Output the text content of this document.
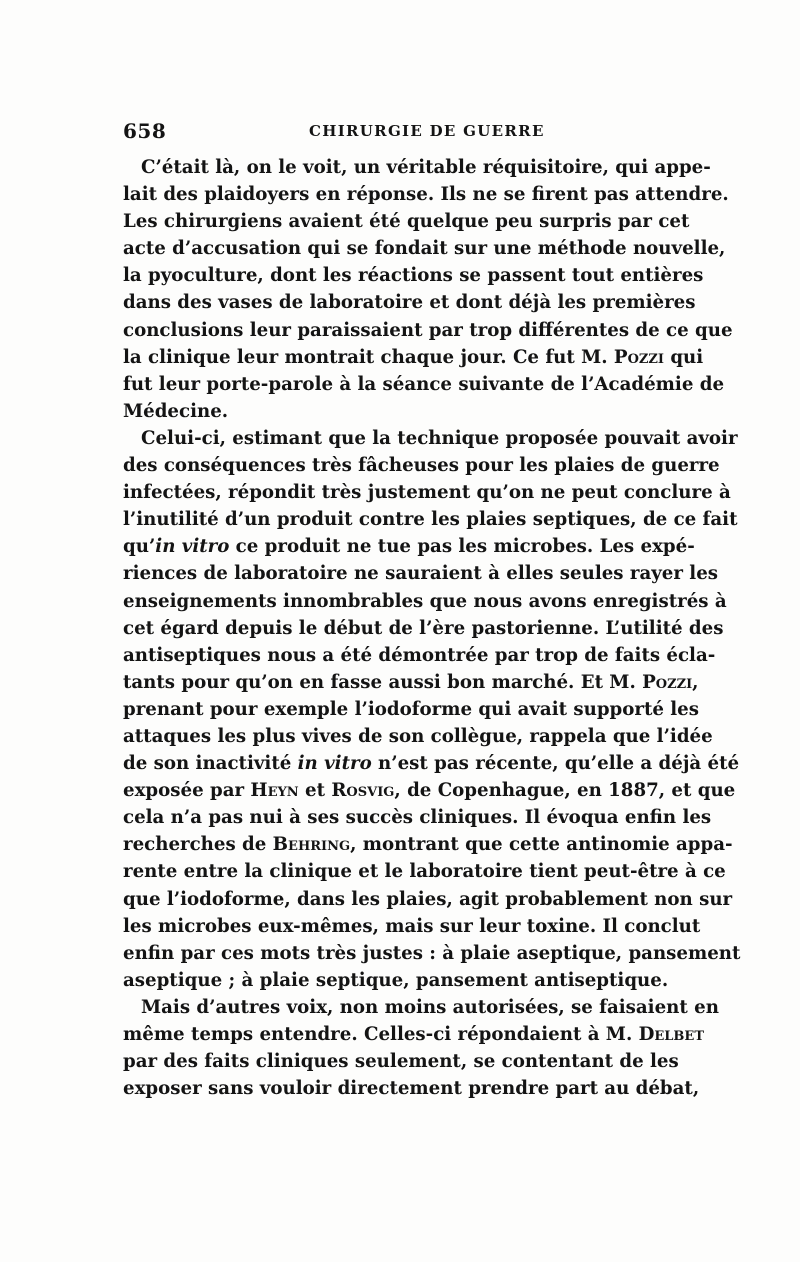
658	CHIRURGIE DE GUERRE
C’était là, on le voit, un véritable réquisitoire, qui appe-
lait des plaidoyers en réponse. Ils ne se firent pas attendre.
Les chirurgiens avaient été quelque peu surpris par cet
acte d’accusation qui se fondait sur une méthode nouvelle,
la pyoculture, dont les réactions se passent tout entières
dans des vases de laboratoire et dont déjà les premières
conclusions leur paraissaient par trop différentes de ce que
la clinique leur montrait chaque jour. Ce fut M. Pozzi qui
fut leur porte-parole à la séance suivante de l’Académie de
Médecine.
Celui-ci, estimant que la technique proposée pouvait avoir
des conséquences très fâcheuses pour les plaies de guerre
infectées, répondit très justement qu’on ne peut conclure à
l’inutilité d’un produit contre les plaies septiques, de ce fait
qu’in vitro ce produit ne tue pas les microbes. Les expé-
riences de laboratoire ne sauraient à elles seules rayer les
enseignements innombrables que nous avons enregistrés à
cet égard depuis le début de l’ère pastorienne. L’utilité des
antiseptiques nous a été démontrée par trop de faits écla-
tants pour qu’on en fasse aussi bon marché. Et M. Pozzi,
prenant pour exemple l’iodoforme qui avait supporté les
attaques les plus vives de son collègue, rappela que l’idée
de son inactivité in vitro n’est pas récente, qu’elle a déjà été
exposée par Heyn et Rosvig, de Copenhague, en 1887, et que
cela n’a pas nui à ses succès cliniques. Il évoqua enfin les
recherches de Behring, montrant que cette antinomie appa-
rente entre la clinique et le laboratoire tient peut-être à ce
que l’iodoforme, dans les plaies, agit probablement non sur
les microbes eux-mêmes, mais sur leur toxine. Il conclut
enfin par ces mots très justes : à plaie aseptique, pansement
aseptique ; à plaie septique, pansement antiseptique.
Mais d’autres voix, non moins autorisées, se faisaient en
même temps entendre. Celles-ci répondaient à M. Delbet
par des faits cliniques seulement, se contentant de les
exposer sans vouloir directement prendre part au débat,
